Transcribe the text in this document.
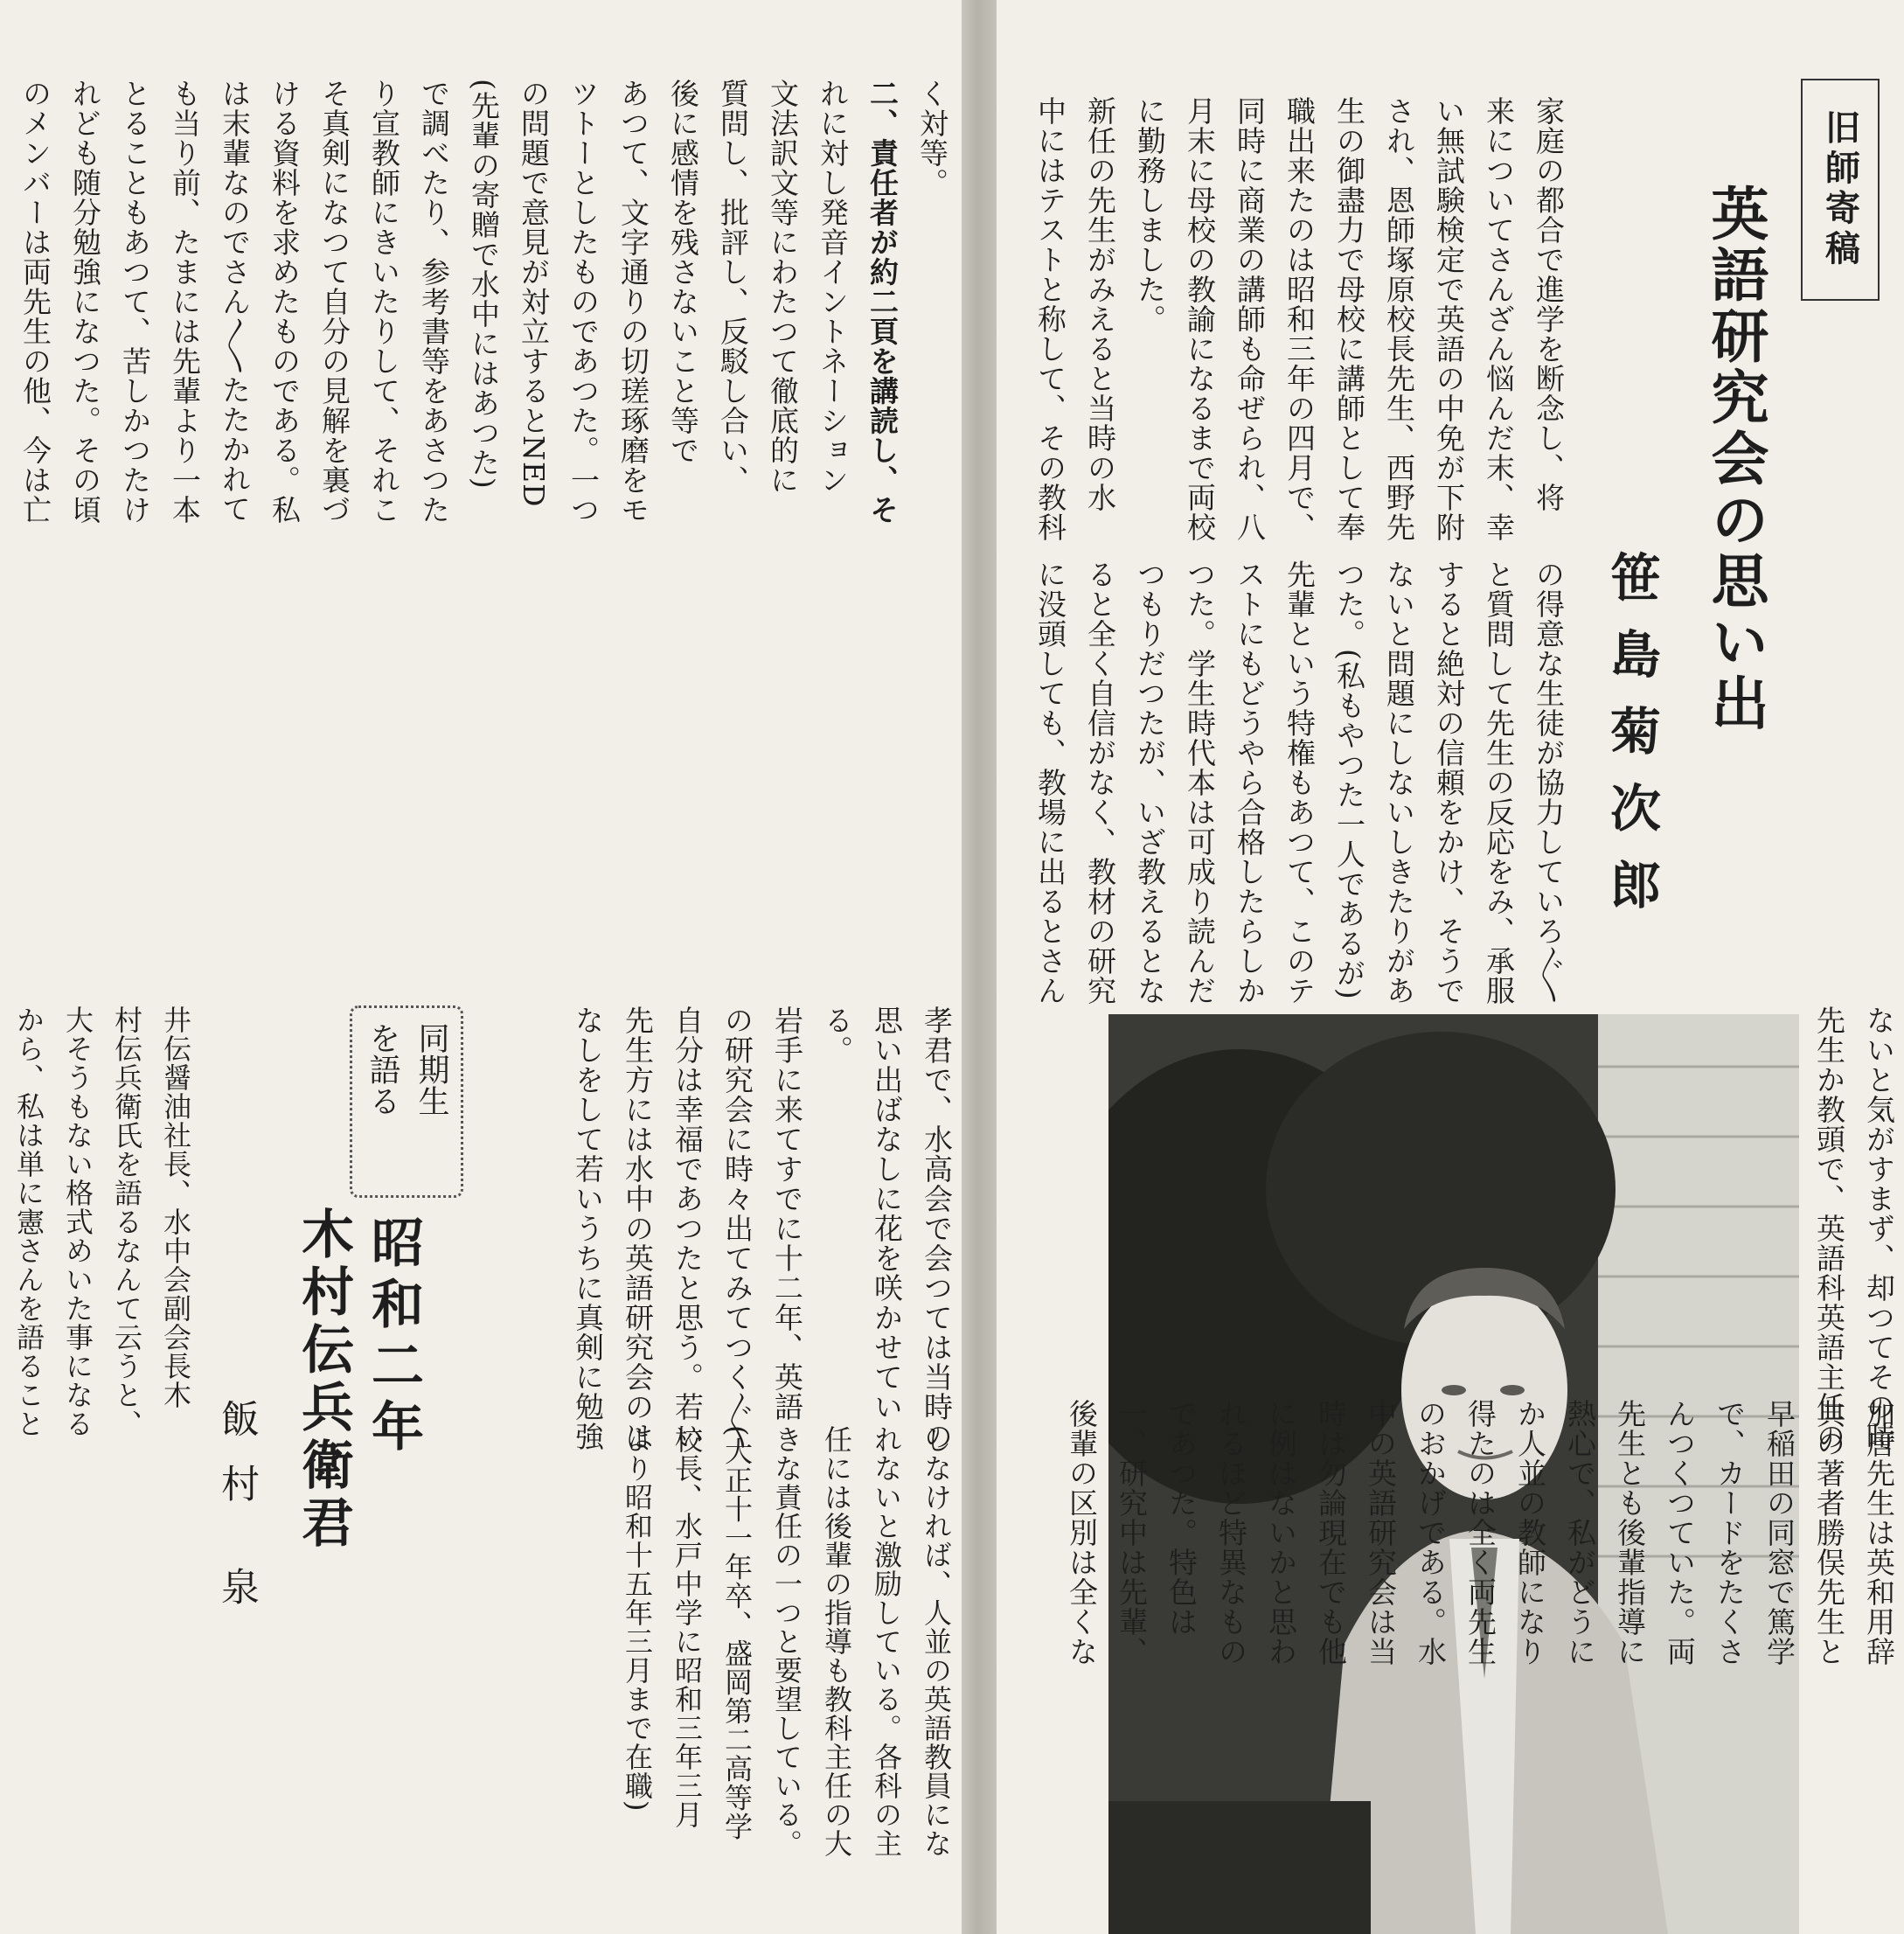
く対等。
二、責任者が約二頁を講読し、そ
れに対し発音イントネーション
文法訳文等にわたつて徹底的に
質問し、批評し、反駁し合い、
後に感情を残さないこと等で
あつて、文字通りの切瑳琢磨をモ
ツトーとしたものであつた。一つ
の問題で意見が対立するとNED
(先輩の寄贈で水中にはあつた)
で調べたり、参考書等をあさつた
り宣教師にきいたりして、それこ
そ真剣になつて自分の見解を裏づ
ける資料を求めたものである。私
は末輩なのでさん〱たたかれて
も当り前、たまには先輩より一本
とることもあつて、苦しかつたけ
れども随分勉強になつた。その頃
のメンバーは両先生の他、今は亡
同期生
を語る
昭和二年
木村伝兵衛君
飯村 泉
井伝醤油社長、水中会副会長木
村伝兵衛氏を語るなんて云うと、
大そうもない格式めいた事になる
から、私は単に憲さんを語ること	孝君で、水高会で会つては当時の
思い出ばなしに花を咲かせてい
る。
岩手に来てすでに十二年、英語
の研究会に時々出てみてつく〲
自分は幸福であつたと思う。若い
先生方には水中の英語研究会のは
なしをして若いうちに真剣に勉強
しなければ、人並の英語教員にな
れないと激励している。各科の主
任には後輩の指導も教科主任の大
きな責任の一つと要望している。
(大正十一年卒、盛岡第二高等学
校長、水戸中学に昭和三年三月
より昭和十五年三月まで在職)
旧師寄稿
英語研究会の思い出
笹島菊次郎
家庭の都合で進学を断念し、将
来についてさんざん悩んだ末、幸
い無試験検定で英語の中免が下附
され、恩師塚原校長先生、西野先
生の御盡力で母校に講師として奉
職出来たのは昭和三年の四月で、
同時に商業の講師も命ぜられ、八
月末に母校の教諭になるまで両校
に勤務しました。
新任の先生がみえると当時の水
中にはテストと称して、その教科
の得意な生徒が協力していろ〲
と質問して先生の反応をみ、承服
すると絶対の信頼をかけ、そうで
ないと問題にしないしきたりがあ
つた。(私もやつた一人であるが)
先輩という特権もあつて、このテ
ストにもどうやら合格したらしか
つた。学生時代本は可成り読んだ
つもりだつたが、いざ教えるとな
ると全く自信がなく、教材の研究
に没頭しても、教場に出るとさん
ないと気がすまず、却つてその時
先生か教頭で、英語科英語主任の
加唐先生は英和用辞
典の著者勝俣先生と
早稲田の同窓で篤学
で、カードをたくさ
んつくつていた。両
先生とも後輩指導に
熱心で、私がどうに
か人並の教師になり
得たのは全く両先生
のおかげである。水
中の英語研究会は当
時は勿論現在でも他
に例はないかと思わ
れるほど特異なもの
であつた。特色は
一、研究中は先輩、
後輩の区別は全くな
